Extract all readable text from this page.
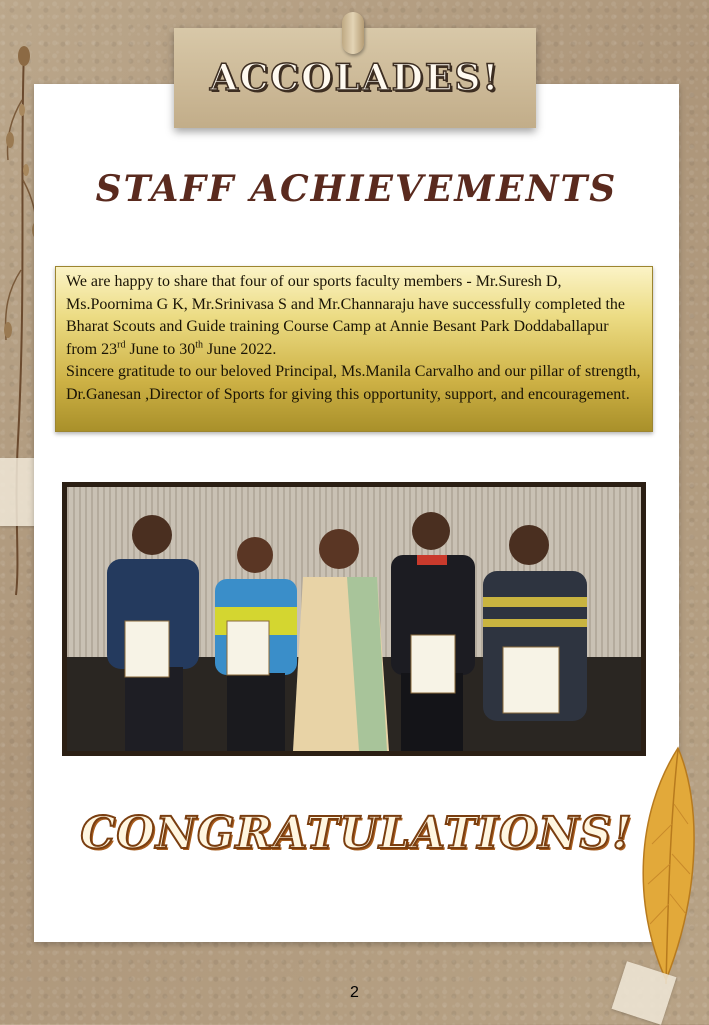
ACCOLADES!
STAFF ACHIEVEMENTS

We are happy to share that four of our sports faculty members - Mr.Suresh D, Ms.Poornima G K, Mr.Srinivasa S and Mr.Channaraju have successfully completed the Bharat Scouts and Guide training Course Camp at Annie Besant Park Doddaballapur from 23rd June to 30th June 2022.

Sincere gratitude to our beloved Principal, Ms.Manila Carvalho and our pillar of strength, Dr.Ganesan ,Director of Sports for giving this opportunity, support, and encouragement.

CONGRATULATIONS!
2
